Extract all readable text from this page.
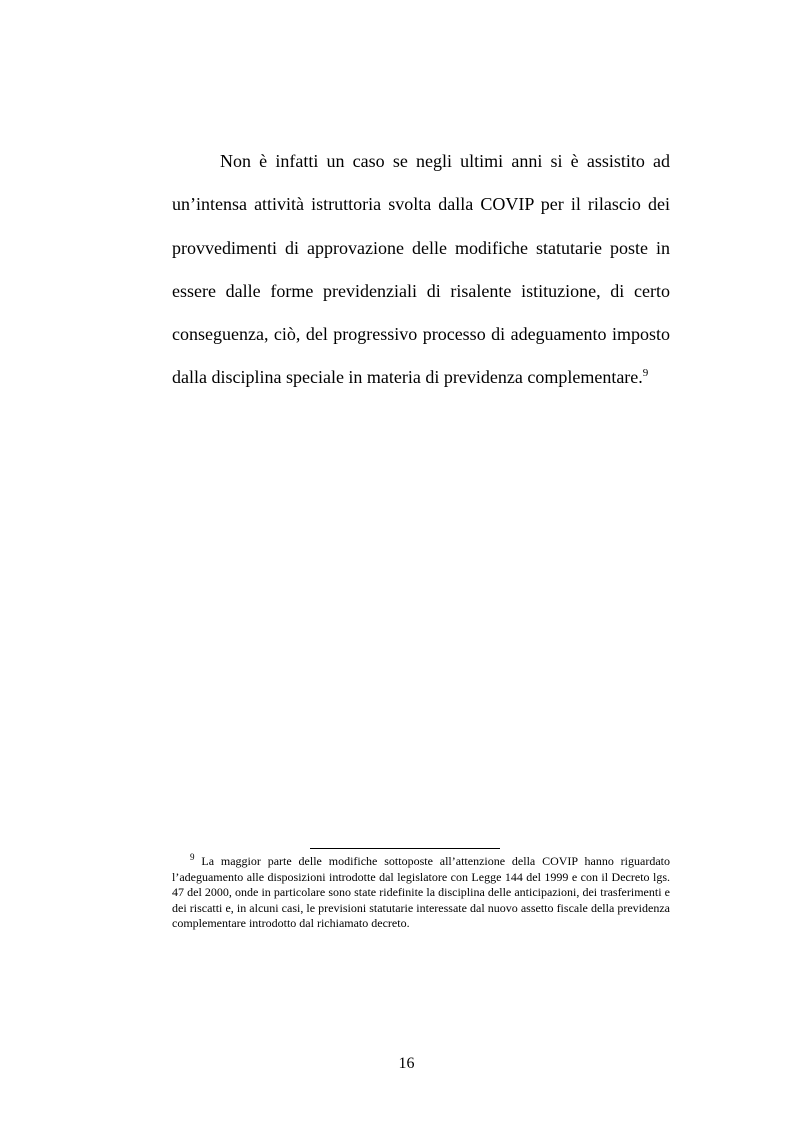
Non è infatti un caso se negli ultimi anni si è assistito ad un’intensa attività istruttoria svolta dalla COVIP per il rilascio dei provvedimenti di approvazione delle modifiche statutarie poste in essere dalle forme previdenziali di risalente istituzione, di certo conseguenza, ciò, del progressivo processo di adeguamento imposto dalla disciplina speciale in materia di previdenza complementare.$^9$

$^9$ La maggior parte delle modifiche sottoposte all’attenzione della COVIP hanno riguardato l’adeguamento alle disposizioni introdotte dal legislatore con Legge 144 del 1999 e con il Decreto lgs. 47 del 2000, onde in particolare sono state ridefinite la disciplina delle anticipazioni, dei trasferimenti e dei riscatti e, in alcuni casi, le previsioni statutarie interessate dal nuovo assetto fiscale della previdenza complementare introdotto dal richiamato decreto.

16
